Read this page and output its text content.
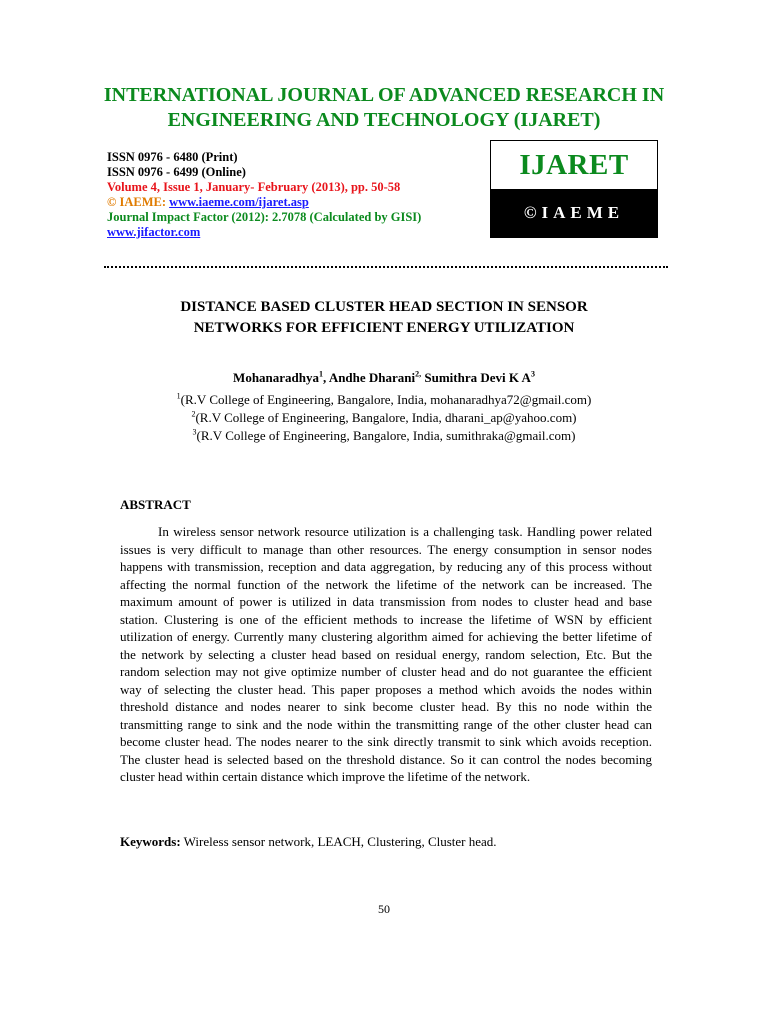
INTERNATIONAL JOURNAL OF ADVANCED RESEARCH IN
ENGINEERING AND TECHNOLOGY (IJARET)
ISSN 0976 - 6480 (Print)
ISSN 0976 - 6499 (Online)
Volume 4, Issue 1, January- February (2013), pp. 50-58
© IAEME: www.iaeme.com/ijaret.asp
Journal Impact Factor (2012): 2.7078 (Calculated by GISI)
www.jifactor.com
IJARET
©IAEME
DISTANCE BASED CLUSTER HEAD SECTION IN SENSOR
NETWORKS FOR EFFICIENT ENERGY UTILIZATION
Mohanaradhya$^1$, Andhe Dharani$^{2,}$ Sumithra Devi K $A^3$
$^1$(R.V College of Engineering, Bangalore, India, mohanaradhya72@gmail.com)
$^2$(R.V College of Engineering, Bangalore, India, dharani_ap@yahoo.com)
$^3$(R.V College of Engineering, Bangalore, India, sumithraka@gmail.com)
ABSTRACT

In wireless sensor network resource utilization is a challenging task. Handling power related issues is very difficult to manage than other resources. The energy consumption in sensor nodes happens with transmission, reception and data aggregation, by reducing any of this process without affecting the normal function of the network the lifetime of the network can be increased. The maximum amount of power is utilized in data transmission from nodes to cluster head and base station. Clustering is one of the efficient methods to increase the lifetime of WSN by efficient utilization of energy. Currently many clustering algorithm aimed for achieving the better lifetime of the network by selecting a cluster head based on residual energy, random selection, Etc. But the random selection may not give optimize number of cluster head and do not guarantee the efficient way of selecting the cluster head. This paper proposes a method which avoids the nodes within threshold distance and nodes nearer to sink become cluster head. By this no node within the transmitting range to sink and the node within the transmitting range of the other cluster head can become cluster head. The nodes nearer to the sink directly transmit to sink which avoids reception. The cluster head is selected based on the threshold distance. So it can control the nodes becoming cluster head within certain distance which improve the lifetime of the network.

Keywords: Wireless sensor network, LEACH, Clustering, Cluster head.
50
